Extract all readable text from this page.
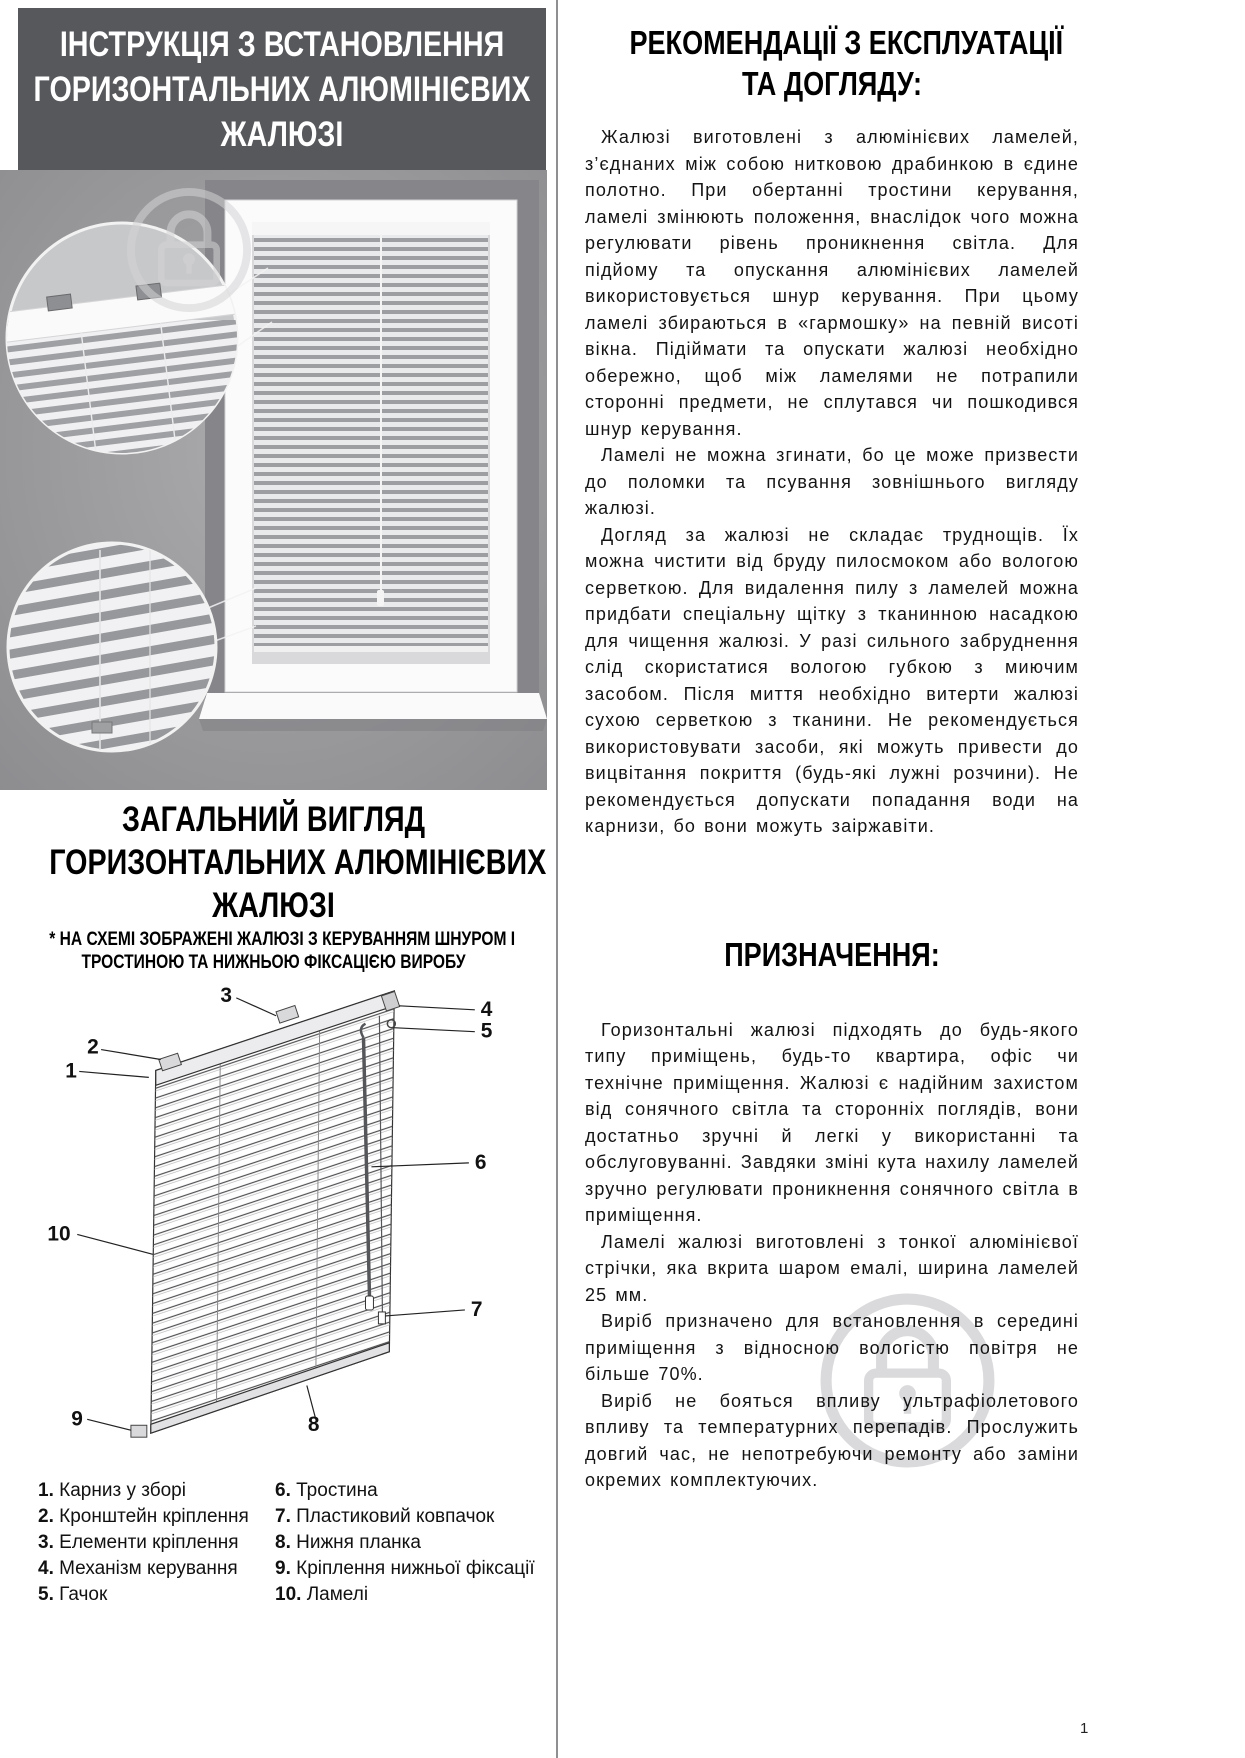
ІНСТРУКЦІЯ З ВСТАНОВЛЕННЯ
ГОРИЗОНТАЛЬНИХ АЛЮМІНІЄВИХ
ЖАЛЮЗІ
ЗАГАЛЬНИЙ ВИГЛЯД
ГОРИЗОНТАЛЬНИХ АЛЮМІНІЄВИХ
ЖАЛЮЗІ
* НА СХЕМІ ЗОБРАЖЕНІ ЖАЛЮЗІ З КЕРУВАННЯМ ШНУРОМ І
ТРОСТИНОЮ ТА НИЖНЬОЮ ФІКСАЦІЄЮ ВИРОБУ
1
2
3
4
5
6
7
8
9
10
1. Карниз у зборі
2. Кронштейн кріплення
3. Елементи кріплення
4. Механізм керування
5. Гачок
6. Тростина
7. Пластиковий ковпачок
8. Нижня планка
9. Кріплення нижньої фіксації
10. Ламелі
РЕКОМЕНДАЦІЇ З ЕКСПЛУАТАЦІЇ
ТА ДОГЛЯДУ:

Жалюзі виготовлені з алюмінієвих ламелей, з’єднаних між собою нитковою драбинкою в єдине полотно. При обертанні тростини керування, ламелі змінюють положення, внаслідок чого можна регулювати рівень проникнення світла. Для підйому та опускання алюмінієвих ламелей використовується шнур керування. При цьому ламелі збираються в «гармошку» на певній висоті вікна. Підіймати та опускати жалюзі необхідно обережно, щоб між ламелями не потрапили сторонні предмети, не сплутався чи пошкодився шнур керування.

Ламелі не можна згинати, бо це може призвести до поломки та псування зовнішнього вигляду жалюзі.

Догляд за жалюзі не складає труднощів. Їх можна чистити від бруду пилосмоком або вологою серветкою. Для видалення пилу з ламелей можна придбати спеціальну щітку з тканинною насадкою для чищення жалюзі. У разі сильного забруднення слід скористатися вологою губкою з миючим засобом. Після миття необхідно витерти жалюзі сухою серветкою з тканини. Не рекомендується використовувати засоби, які можуть привести до вицвітання покриття (будь-які лужні розчини). Не рекомендується допускати попадання води на карнизи, бо вони можуть заіржавіти.

ПРИЗНАЧЕННЯ:

Горизонтальні жалюзі підходять до будь-якого типу приміщень, будь-то квартира, офіс чи технічне приміщення. Жалюзі є надійним захистом від сонячного світла та сторонніх поглядів, вони достатньо зручні й легкі у використанні та обслуговуванні. Завдяки зміні кута нахилу ламелей зручно регулювати проникнення сонячного світла в приміщення.

Ламелі жалюзі виготовлені з тонкої алюмінієвої стрічки, яка вкрита шаром емалі, ширина ламелей 25 мм.

Виріб призначено для встановлення в середині приміщення з відносною вологістю повітря не більше 70%.

Виріб не бояться впливу ультрафіолетового впливу та температурних перепадів. Прослужить довгий час, не непотребуючи ремонту або заміни окремих комплектуючих.

1
